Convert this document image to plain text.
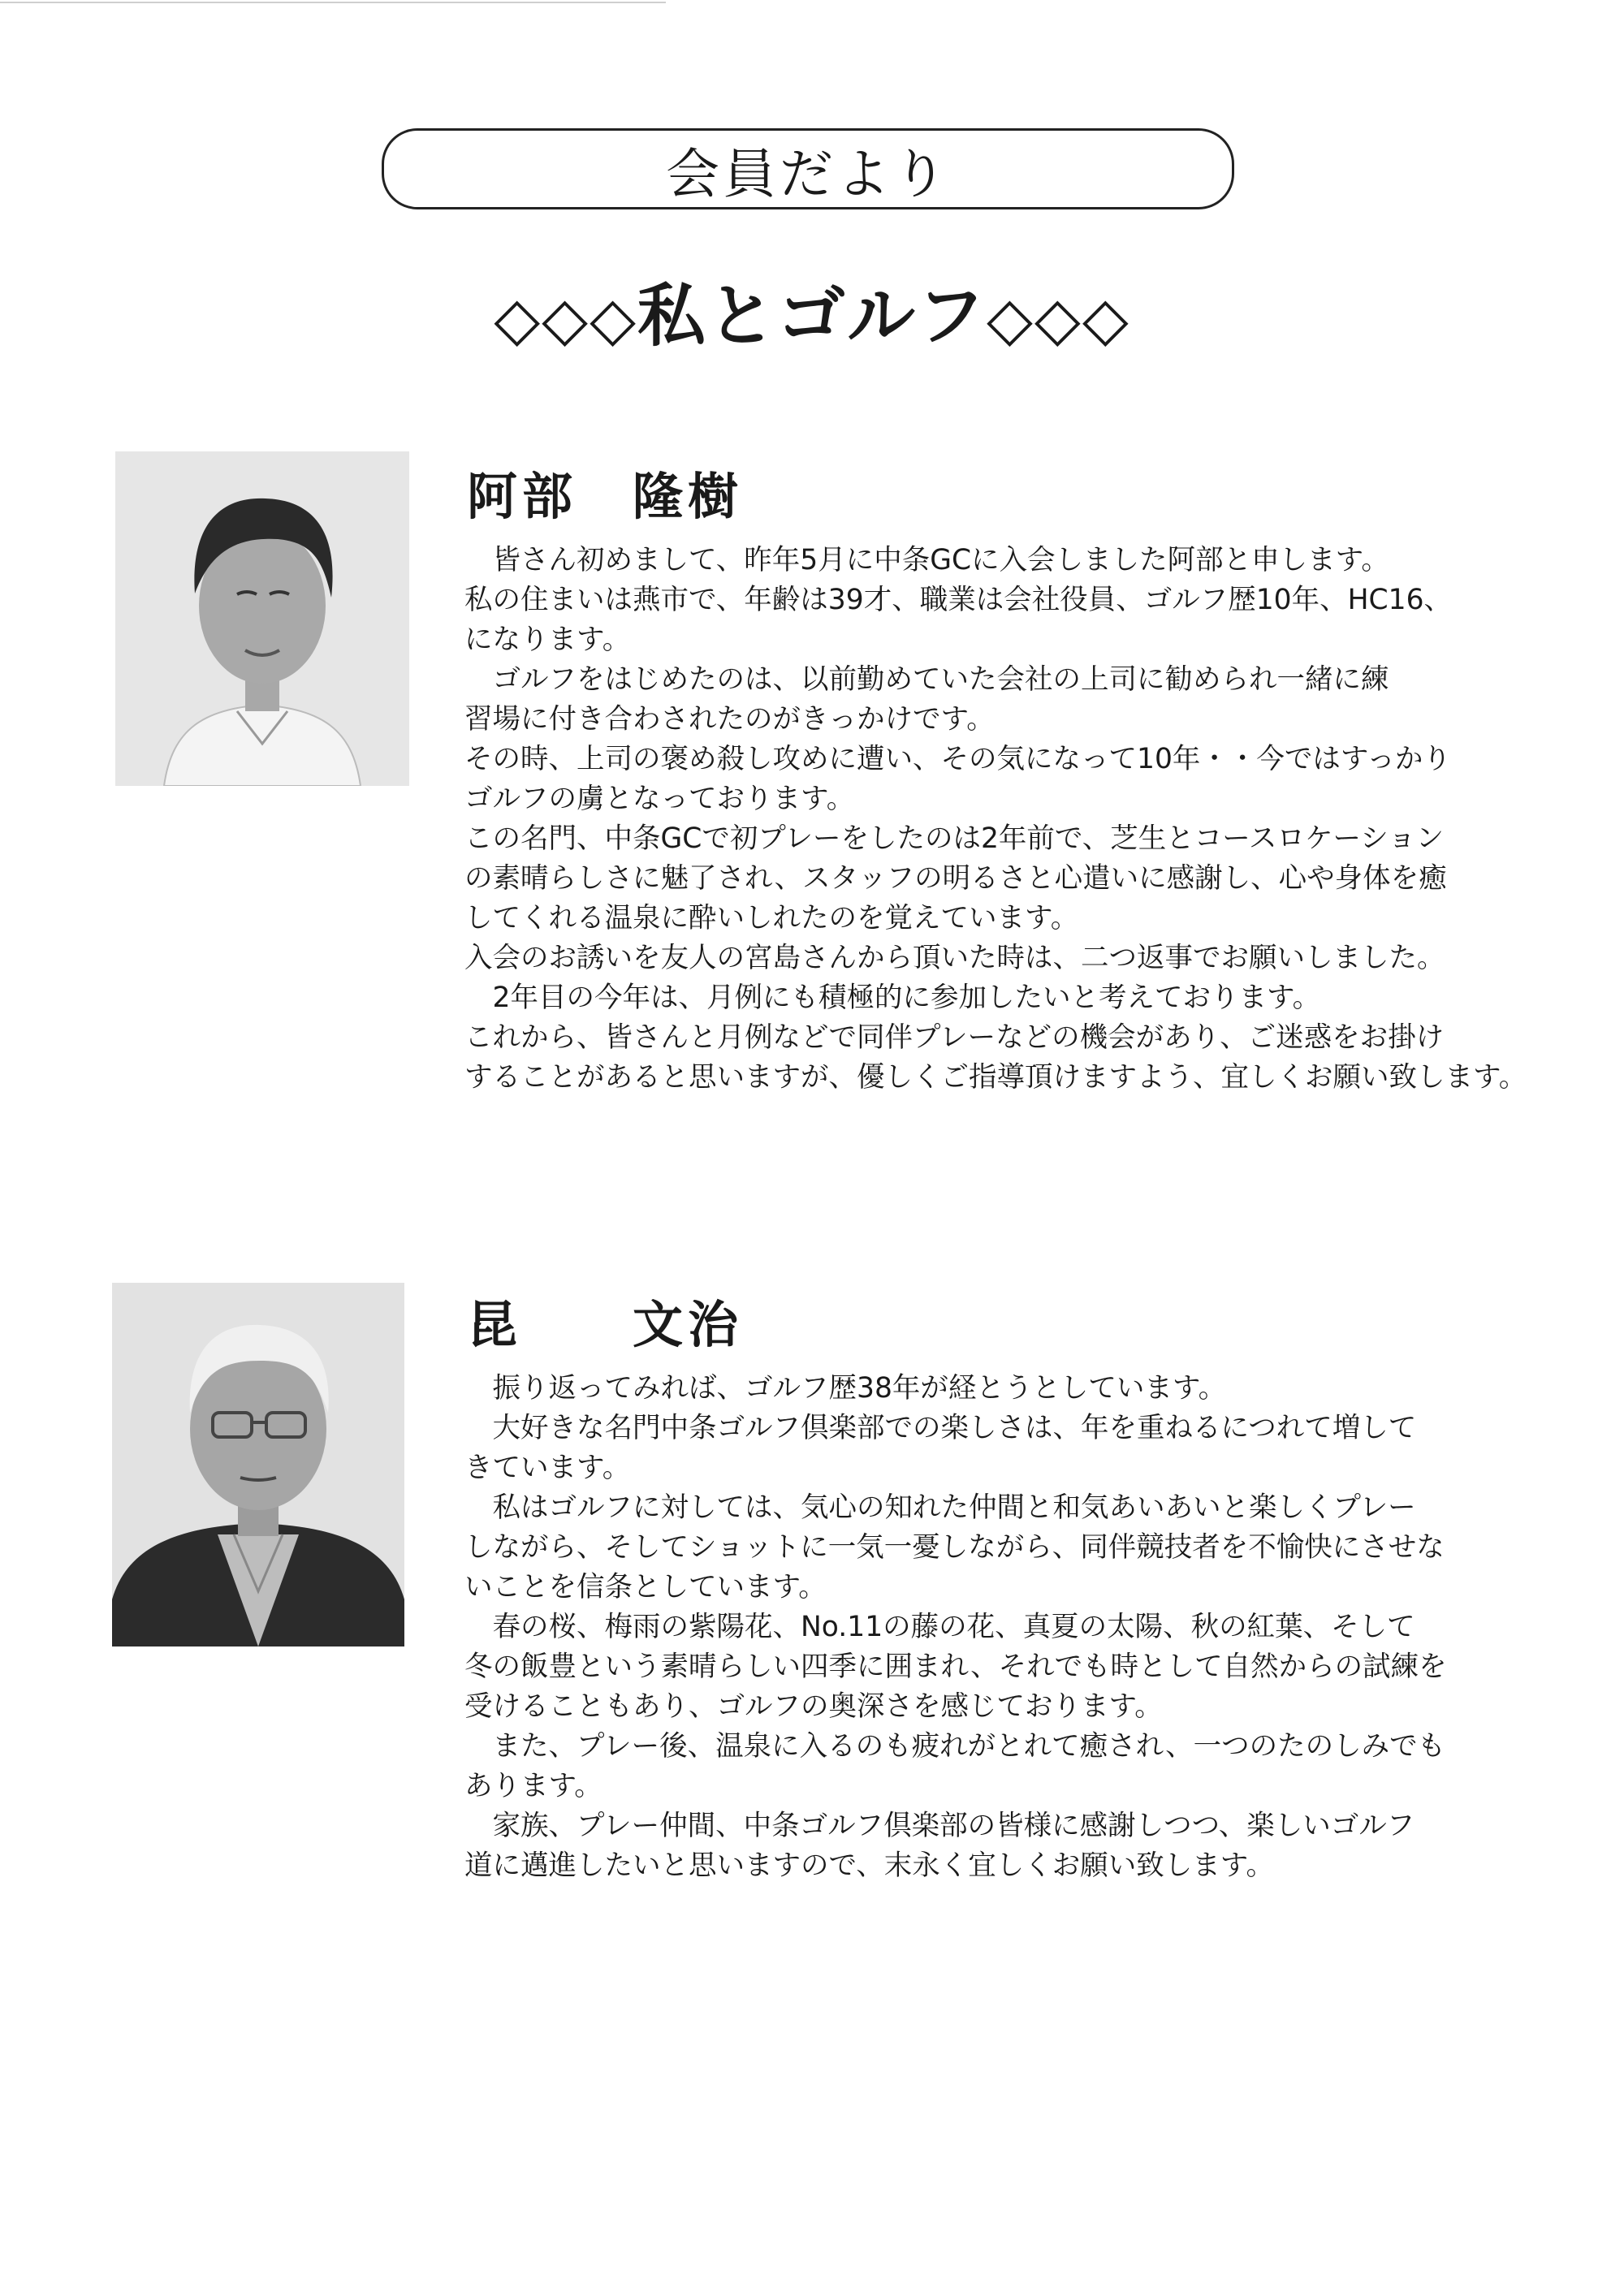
会員だより
◇◇◇私とゴルフ◇◇◇
阿部　隆樹

　皆さん初めまして、昨年5月に中条GCに入会しました阿部と申します。

私の住まいは燕市で、年齢は39才、職業は会社役員、ゴルフ歴10年、HC16、

になります。

　ゴルフをはじめたのは、以前勤めていた会社の上司に勧められ一緒に練

習場に付き合わされたのがきっかけです。

その時、上司の褒め殺し攻めに遭い、その気になって10年・・今ではすっかり

ゴルフの虜となっております。

この名門、中条GCで初プレーをしたのは2年前で、芝生とコースロケーション

の素晴らしさに魅了され、スタッフの明るさと心遣いに感謝し、心や身体を癒

してくれる温泉に酔いしれたのを覚えています。

入会のお誘いを友人の宮島さんから頂いた時は、二つ返事でお願いしました。

　2年目の今年は、月例にも積極的に参加したいと考えております。

これから、皆さんと月例などで同伴プレーなどの機会があり、ご迷惑をお掛け

することがあると思いますが、優しくご指導頂けますよう、宜しくお願い致します。

昆　　文治

　振り返ってみれば、ゴルフ歴38年が経とうとしています。

　大好きな名門中条ゴルフ倶楽部での楽しさは、年を重ねるにつれて増して

きています。

　私はゴルフに対しては、気心の知れた仲間と和気あいあいと楽しくプレー

しながら、そしてショットに一気一憂しながら、同伴競技者を不愉快にさせな

いことを信条としています。

　春の桜、梅雨の紫陽花、No.11の藤の花、真夏の太陽、秋の紅葉、そして

冬の飯豊という素晴らしい四季に囲まれ、それでも時として自然からの試練を

受けることもあり、ゴルフの奥深さを感じております。

　また、プレー後、温泉に入るのも疲れがとれて癒され、一つのたのしみでも

あります。

　家族、プレー仲間、中条ゴルフ倶楽部の皆様に感謝しつつ、楽しいゴルフ

道に邁進したいと思いますので、末永く宜しくお願い致します。
